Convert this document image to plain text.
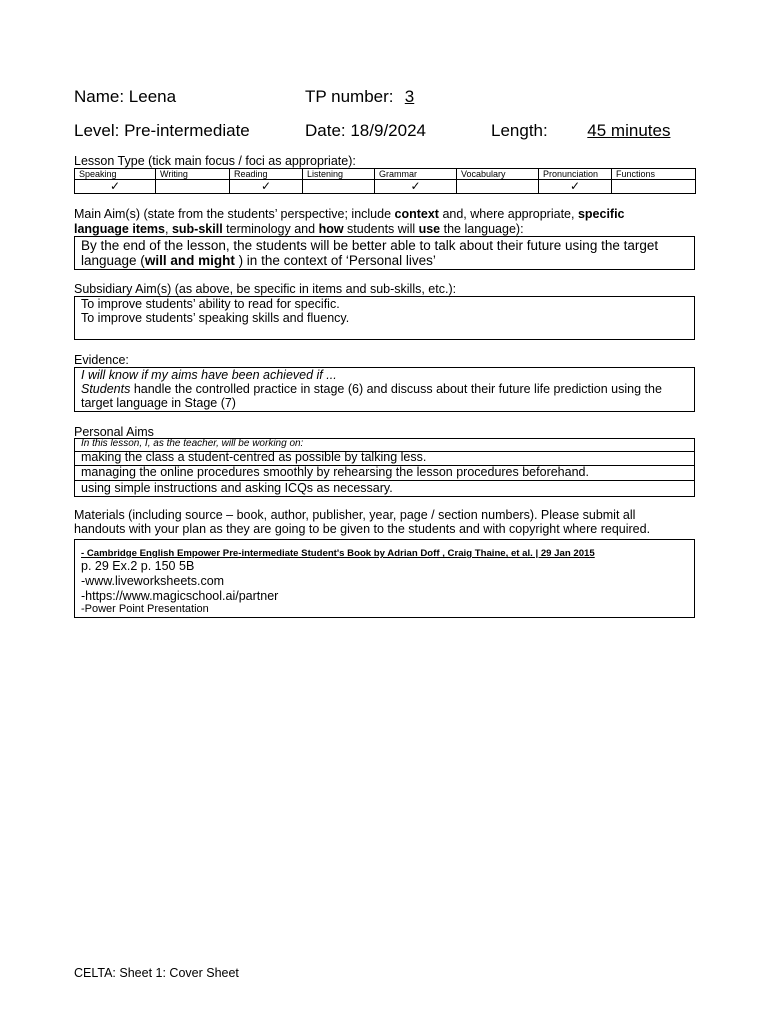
Name: Leena	TP number: 3
Level: Pre-intermediate	Date: 18/9/2024	Length: 45 minutes
Lesson Type (tick main focus / foci as appropriate):
Speaking	Writing	Reading	Listening	Grammar	Vocabulary	Pronunciation	Functions
✓		✓		✓		✓	
Main Aim(s) (state from the students’ perspective; include context and, where appropriate, specific
language items, sub-skill terminology and how students will use the language):
By the end of the lesson, the students will be better able to talk about their future using the target
language (will and might ) in the context of ‘Personal lives’
Subsidiary Aim(s) (as above, be specific in items and sub-skills, etc.):
To improve students’ ability to read for specific.
To improve students’ speaking skills and fluency.
Evidence:
I will know if my aims have been achieved if ...
Students handle the controlled practice in stage (6) and discuss about their future life prediction using the
target language in Stage (7)
Personal Aims
In this lesson, I, as the teacher, will be working on:
making the class a student-centred as possible by talking less.
managing the online procedures smoothly by rehearsing the lesson procedures beforehand.
using simple instructions and asking ICQs as necessary.
Materials (including source – book, author, publisher, year, page / section numbers). Please submit all
handouts with your plan as they are going to be given to the students and with copyright where required.
- Cambridge English Empower Pre-intermediate Student's Book by Adrian Doff , Craig Thaine, et al. | 29 Jan 2015
p. 29 Ex.2 p. 150 5B
-www.liveworksheets.com
-https://www.magicschool.ai/partner
-Power Point Presentation
CELTA: Sheet 1: Cover Sheet
